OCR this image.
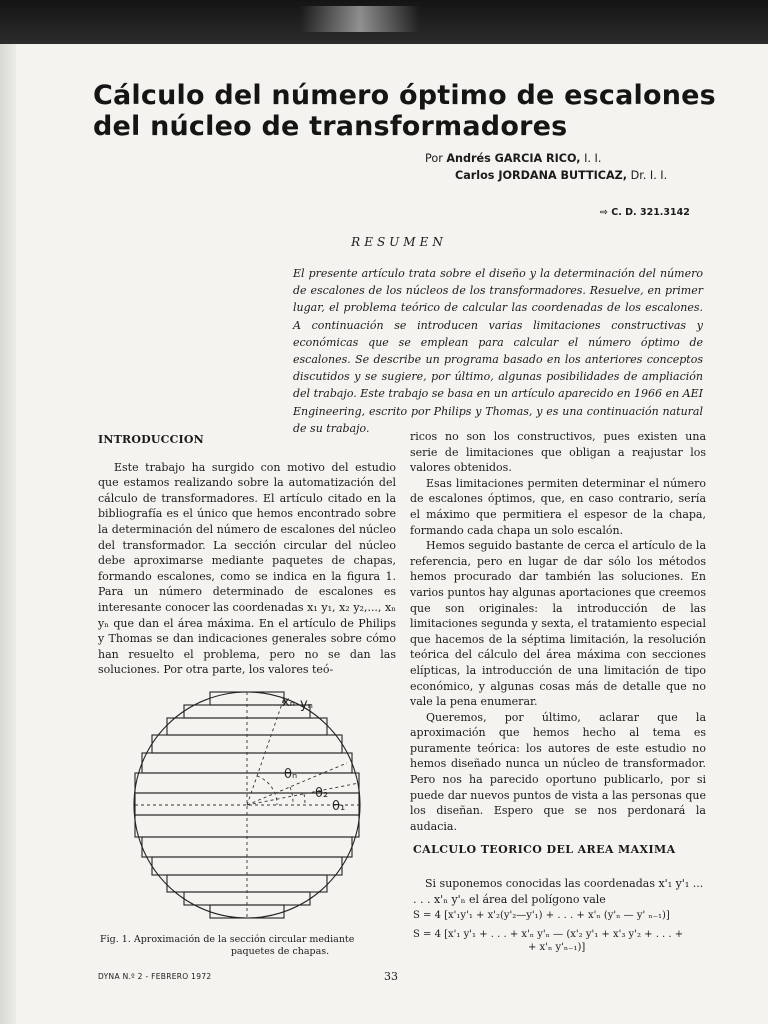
Cálculo del número óptimo de escalones
del núcleo de transformadores
Por Andrés GARCIA RICO, I. I.
Carlos JORDANA BUTTICAZ, Dr. I. I.
⇨ C. D. 321.3142
RESUMEN

El presente artículo trata sobre el diseño y la determinación del número de escalones de los núcleos de los transformadores. Resuelve, en primer lugar, el problema teórico de calcular las coordenadas de los escalones. A continuación se introducen varias limitaciones constructivas y económicas que se emplean para calcular el número óptimo de escalones. Se describe un programa basado en los anteriores conceptos discutidos y se sugiere, por último, algunas posibilidades de ampliación del trabajo. Este trabajo se basa en un artículo aparecido en 1966 en AEI Engineering, escrito por Philips y Thomas, y es una continuación natural de su trabajo.

INTRODUCCION

Este trabajo ha surgido con motivo del estudio que estamos realizando sobre la automatización del cálculo de transformadores. El artículo citado en la bibliografía es el único que hemos encontrado sobre la determinación del número de escalones del núcleo del transformador. La sección circular del núcleo debe aproximarse mediante paquetes de chapas, formando escalones, como se indica en la figura 1. Para un número determinado de escalones es interesante conocer las coordenadas x₁ y₁, x₂ y₂,..., xₙ yₙ que dan el área máxima. En el artículo de Philips y Thomas se dan indicaciones generales sobre cómo han resuelto el problema, pero no se dan las soluciones. Por otra parte, los valores teó-

ricos no son los constructivos, pues existen una serie de limitaciones que obligan a reajustar los valores obtenidos.

Esas limitaciones permiten determinar el número de escalones óptimos, que, en caso contrario, sería el máximo que permitiera el espesor de la chapa, formando cada chapa un solo escalón.

Hemos seguido bastante de cerca el artículo de la referencia, pero en lugar de dar sólo los métodos hemos procurado dar también las soluciones. En varios puntos hay algunas aportaciones que creemos que son originales: la introducción de las limitaciones segunda y sexta, el tratamiento especial que hacemos de la séptima limitación, la resolución teórica del cálculo del área máxima con secciones elípticas, la introducción de una limitación de tipo económico, y algunas cosas más de detalle que no vale la pena enumerar.

Queremos, por último, aclarar que la aproximación que hemos hecho al tema es puramente teórica: los autores de este estudio no hemos diseñado nunca un núcleo de transformador. Pero nos ha parecido oportuno publicarlo, por si puede dar nuevos puntos de vista a las personas que los diseñan. Espero que se nos perdonará la audacia.

CALCULO TEORICO DEL AREA MAXIMA
Si suponemos conocidas las coordenadas x'₁ y'₁ ...
. . . x'ₙ y'ₙ el área del polígono vale
S = 4 [x'₁y'₁ + x'₂(y'₂—y'₁) + . . . + x'ₙ (y'ₙ — y' ₙ₋₁)]
S = 4 [x'₁ y'₁ + . . . + x'ₙ y'ₙ — (x'₂ y'₁ + x'₃ y'₂ + . . . +
+ x'ₙ y'ₙ₋₁)]
xₙ yₙ
θₙ
θ₂
θ₁
Fig. 1. Aproximación de la sección circular mediante
paquetes de chapas.
DYNA N.º 2 - FEBRERO 1972	33
